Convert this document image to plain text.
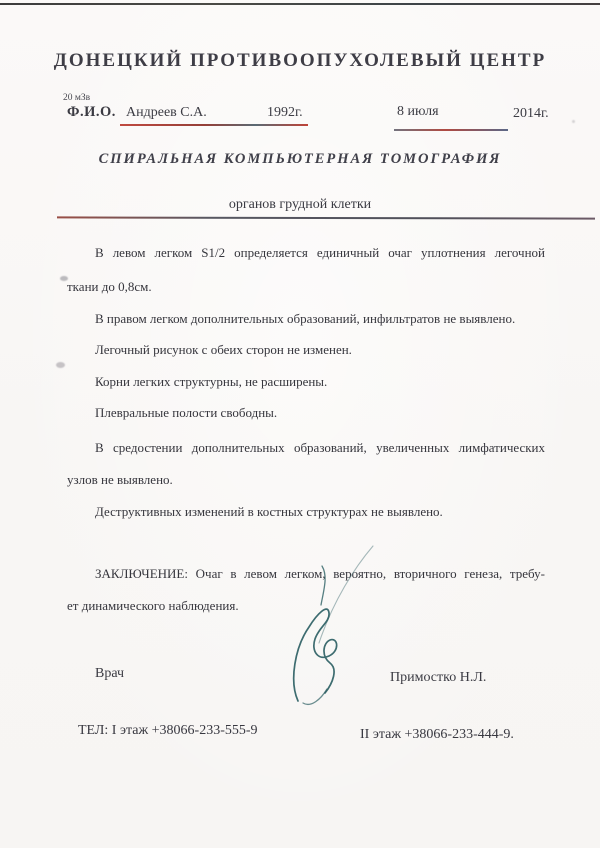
ДОНЕЦКИЙ ПРОТИВООПУХОЛЕВЫЙ ЦЕНТР
20 мЗв
Ф.И.О. Андреев С.А.	1992г.	8 июля	2014г.
СПИРАЛЬНАЯ КОМПЬЮТЕРНАЯ ТОМОГРАФИЯ
органов грудной клетки
В левом легком S1/2 определяется единичный очаг уплотнения легочной
ткани до 0,8см.
В правом легком дополнительных образований, инфильтратов не выявлено.
Легочный рисунок с обеих сторон не изменен.
Корни легких структурны, не расширены.
Плевральные полости свободны.
В средостении дополнительных образований, увеличенных лимфатических
узлов не выявлено.
Деструктивных изменений в костных структурах не выявлено.
ЗАКЛЮЧЕНИЕ: Очаг в левом легком, вероятно, вторичного генеза, требу-
ет динамического наблюдения.
Врач	Примостко Н.Л.
ТЕЛ: I этаж +38066-233-555-9	II этаж +38066-233-444-9.
